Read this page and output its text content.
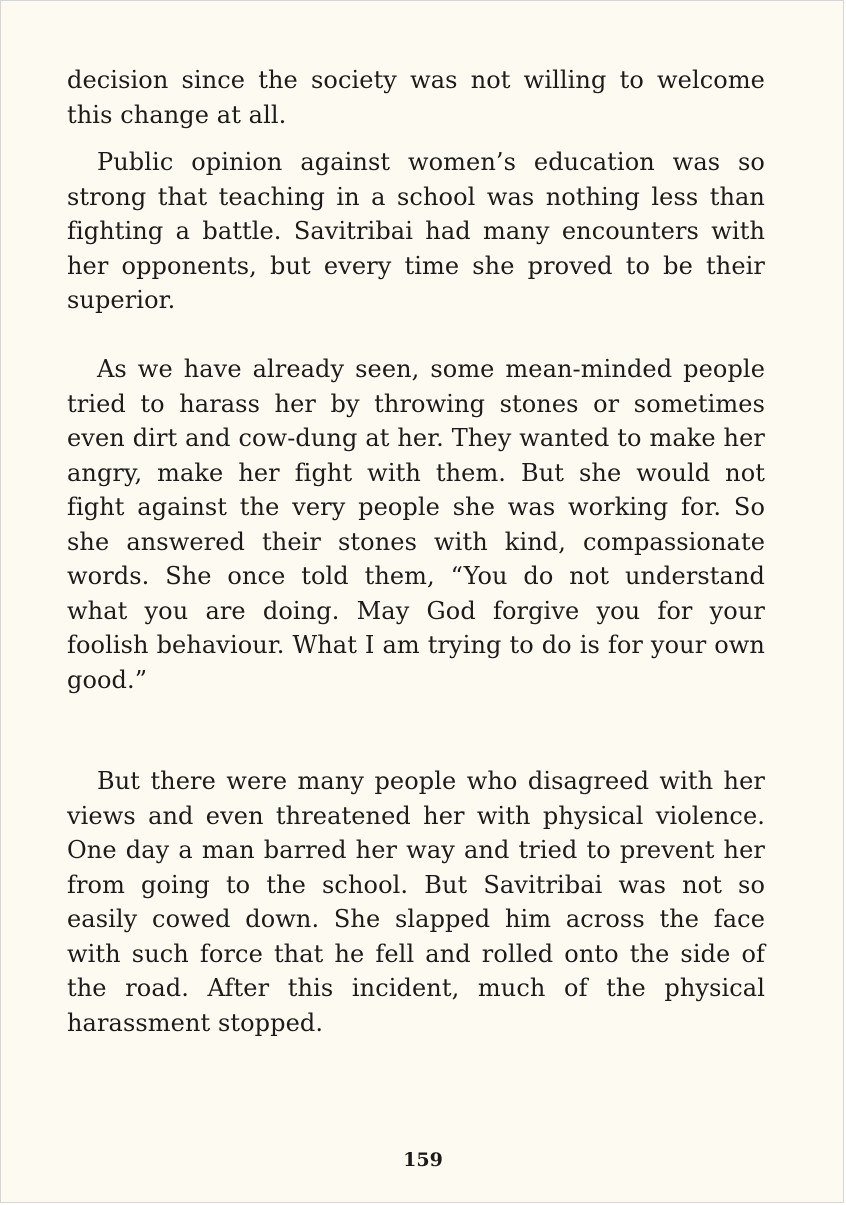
decision since the society was not willing to welcome this change at all.

Public opinion against women’s education was so strong that teaching in a school was nothing less than fighting a battle. Savitribai had many encounters with her opponents, but every time she proved to be their superior.

As we have already seen, some mean-minded people tried to harass her by throwing stones or sometimes even dirt and cow-dung at her. They wanted to make her angry, make her fight with them. But she would not fight against the very people she was working for. So she answered their stones with kind, compassionate words. She once told them, “You do not understand what you are doing. May God forgive you for your foolish behaviour. What I am trying to do is for your own good.”

But there were many people who disagreed with her views and even threatened her with physical violence. One day a man barred her way and tried to prevent her from going to the school. But Savitribai was not so easily cowed down. She slapped him across the face with such force that he fell and rolled onto the side of the road. After this incident, much of the physical harassment stopped.

159
